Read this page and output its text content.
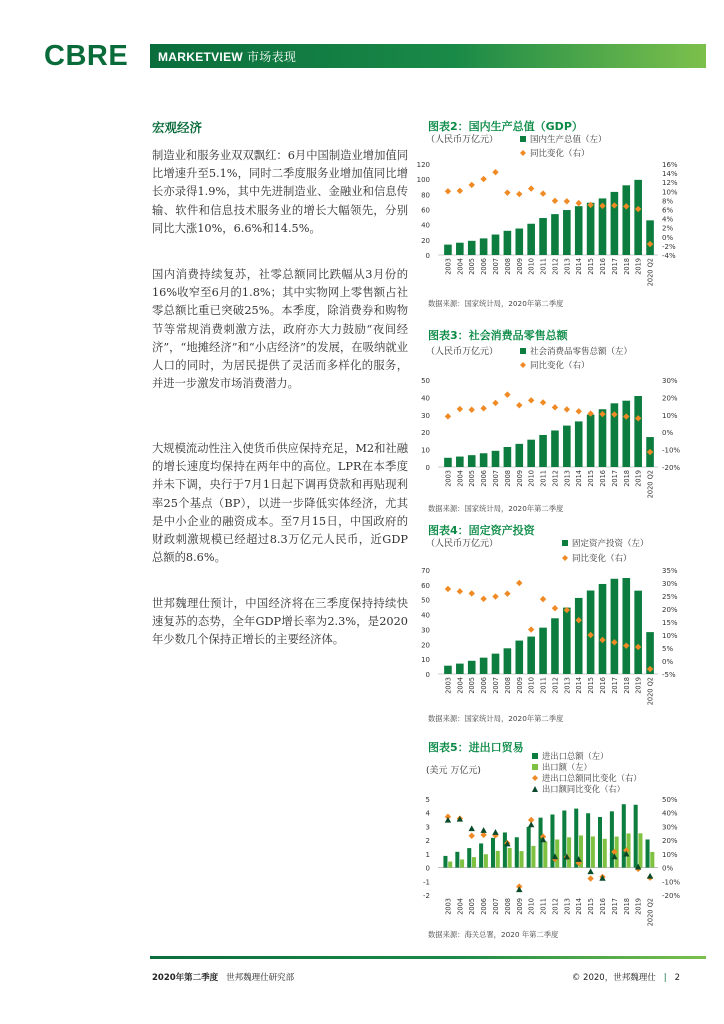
CBRE MARKETVIEW 市场表现
宏观经济
制造业和服务业双双飘红：6月中国制造业增加值同比增速升至5.1%，同时二季度服务业增加值同比增长亦录得1.9%，其中先进制造业、金融业和信息传输、软件和信息技术服务业的增长大幅领先，分别同比大涨10%，6.6%和14.5%。
国内消费持续复苏，社零总额同比跌幅从3月份的16%收窄至6月的1.8%；其中实物网上零售额占社零总额比重已突破25%。本季度，除消费券和购物节等常规消费刺激方法，政府亦大力鼓励“夜间经济”，“地摊经济”和“小店经济”的发展，在吸纳就业人口的同时，为居民提供了灵活而多样化的服务，并进一步激发市场消费潜力。
大规模流动性注入使货币供应保持充足，M2和社融的增长速度均保持在两年中的高位。LPR在本季度并未下调，央行于7月1日起下调再贷款和再贴现利率25个基点（BP），以进一步降低实体经济，尤其是中小企业的融资成本。至7月15日，中国政府的财政刺激规模已经超过8.3万亿元人民币，近GDP总额的8.6%。
世邦魏理仕预计，中国经济将在三季度保持持续快速复苏的态势，全年GDP增长率为2.3%，是2020年少数几个保持正增长的主要经济体。
图表2：国内生产总值（GDP）
（人民币万亿元）
120
100
80
60
40
20
0
16%
14%
12%
10%
8%
6%
4%
2%
0%
-2%
-4%
2003 2004 2005 2006 2007 2008 2009 2010 2011 2012 2013 2014 2015 2016 2017 2018 2019 2020 Q2
国内生产总值（左）
同比变化（右）
数据来源：国家统计局，2020年第二季度
图表3：社会消费品零售总额
（人民币万亿元）
50
40
30
20
10
0
30%
20%
10%
0%
-10%
-20%
2003 2004 2005 2006 2007 2008 2009 2010 2011 2012 2013 2014 2015 2016 2017 2018 2019 2020 Q2
社会消费品零售总额（左）
同比变化（右）
数据来源：国家统计局，2020年第二季度
图表4：固定资产投资
（人民币万亿元）
70
60
50
40
30
20
10
0
35%
30%
25%
20%
15%
10%
5%
0%
-5%
2003 2004 2005 2006 2007 2008 2009 2010 2011 2012 2013 2014 2015 2016 2017 2018 2019 2020 Q2
固定资产投资（左）
同比变化（右）
数据来源：国家统计局，2020年第二季度
图表5：进出口贸易
(美元 万亿元)
5
4
3
2
1
0
-1
-2
50%
40%
30%
20%
10%
0%
-10%
-20%
2003 2004 2005 2006 2007 2008 2009 2010 2011 2012 2013 2014 2015 2016 2017 2018 2019 2020 Q2
进出口总额（左）
出口额（左）
进出口总额同比变化（右）
出口额同比变化（右）
数据来源：海关总署，2020 年第二季度
2020年第二季度 世邦魏理仕研究部	© 2020，世邦魏理仕 | 2
